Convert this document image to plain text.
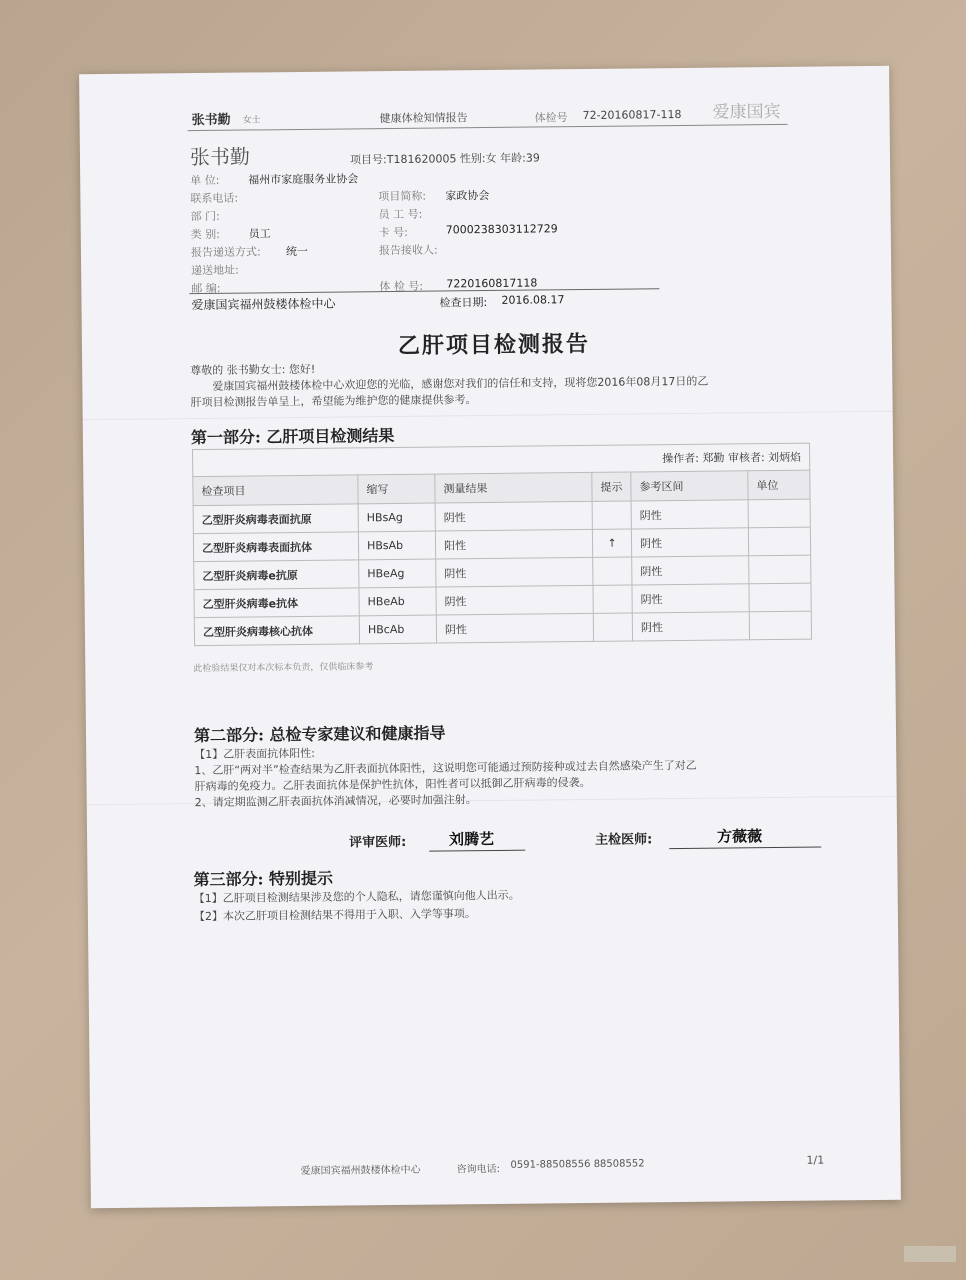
张书勤 女士	健康体检知情报告	体检号 72-20160817-118 爱康国宾
张书勤	项目号:T181620005 性别:女 年龄:39
单 位:	福州市家庭服务业协会
联系电话:	项目简称: 家政协会
部 门:	员 工 号:
类 别:	员工	卡 号:	7000238303112729
报告递送方式: 统一	报告接收人:
递送地址:
邮 编:	体 检 号: 7220160817118
爱康国宾福州鼓楼体检中心	检查日期: 2016.08.17
乙肝项目检测报告
尊敬的 张书勤女士: 您好!
爱康国宾福州鼓楼体检中心欢迎您的光临，感谢您对我们的信任和支持，现将您2016年08月17日的乙
肝项目检测报告单呈上，希望能为维护您的健康提供参考。
第一部分: 乙肝项目检测结果
操作者: 郑勤 审核者: 刘炳焰					
检查项目	缩写	测量结果	提示	参考区间	单位
乙型肝炎病毒表面抗原	HBsAg	阴性		阴性	
乙型肝炎病毒表面抗体	HBsAb	阳性	↑	阴性	
乙型肝炎病毒e抗原	HBeAg	阴性		阴性	
乙型肝炎病毒e抗体	HBeAb	阴性		阴性	
乙型肝炎病毒核心抗体	HBcAb	阴性		阴性	
此检验结果仅对本次标本负责，仅供临床参考
第二部分: 总检专家建议和健康指导
【1】乙肝表面抗体阳性:
1、乙肝“两对半”检查结果为乙肝表面抗体阳性，这说明您可能通过预防接种或过去自然感染产生了对乙
肝病毒的免疫力。乙肝表面抗体是保护性抗体，阳性者可以抵御乙肝病毒的侵袭。
2、请定期监测乙肝表面抗体消减情况，必要时加强注射。
评审医师:	刘腾艺	主检医师:	方薇薇
第三部分: 特别提示
【1】乙肝项目检测结果涉及您的个人隐私，请您谨慎向他人出示。
【2】本次乙肝项目检测结果不得用于入职、入学等事项。
爱康国宾福州鼓楼体检中心	咨询电话: 0591-88508556 88508552	1/1
